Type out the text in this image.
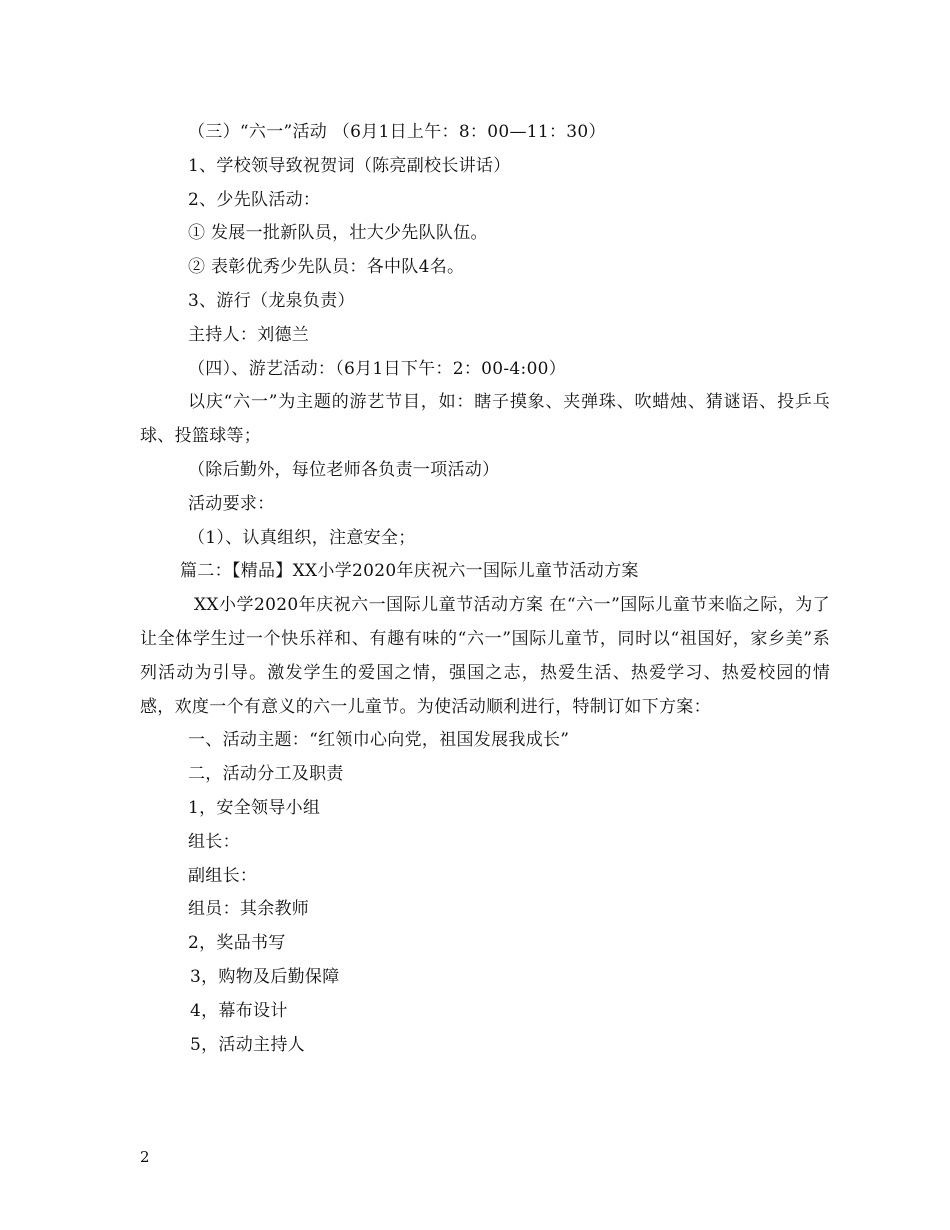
（三）“六一”活动 （6月1日上午：8：00—11：30）
1、学校领导致祝贺词（陈亮副校长讲话）
2、少先队活动：
① 发展一批新队员，壮大少先队队伍。
② 表彰优秀少先队员：各中队4名。
3、游行（龙泉负责）
主持人：刘德兰
（四）、游艺活动：（6月1日下午：2：00-4:00）
以庆“六一”为主题的游艺节目，如：瞎子摸象、夹弹珠、吹蜡烛、猜谜语、投乒乓球、投篮球等；
（除后勤外，每位老师各负责一项活动）
活动要求：
（1）、认真组织，注意安全；
篇二：【精品】XX小学2020年庆祝六一国际儿童节活动方案
XX小学2020年庆祝六一国际儿童节活动方案 在“六一”国际儿童节来临之际，为了让全体学生过一个快乐祥和、有趣有味的“六一”国际儿童节，同时以“祖国好，家乡美”系列活动为引导。激发学生的爱国之情，强国之志，热爱生活、热爱学习、热爱校园的情感，欢度一个有意义的六一儿童节。为使活动顺利进行，特制订如下方案：
一、活动主题：“红领巾心向党，祖国发展我成长”
二，活动分工及职责
1，安全领导小组
组长：
副组长：
组员：其余教师
2，奖品书写
3，购物及后勤保障
4，幕布设计
5，活动主持人
2
